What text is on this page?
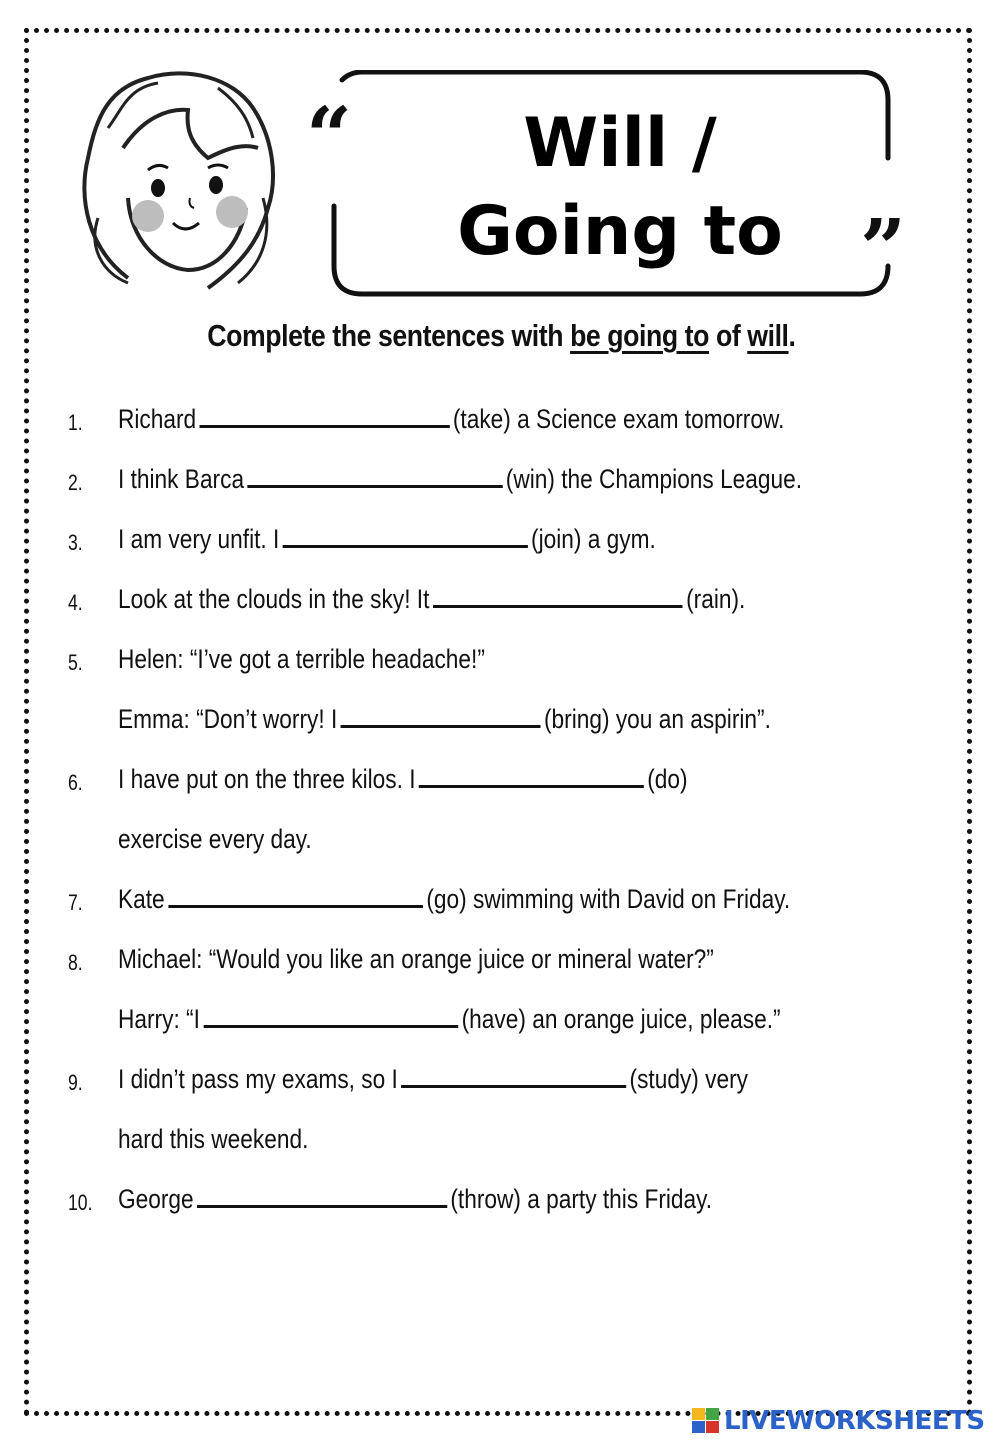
“
”
Will /
Going to
Complete the sentences with be going to of will.
1. Richard	(take) a Science exam tomorrow.
2. I think Barca	(win) the Champions League.
3. I am very unfit. I	(join) a gym.
4. Look at the clouds in the sky! It	(rain).
5. Helen: “I’ve got a terrible headache!”
Emma: “Don’t worry! I	(bring) you an aspirin”.
6. I have put on the three kilos. I	(do)
exercise every day.
7. Kate	(go) swimming with David on Friday.
8. Michael: “Would you like an orange juice or mineral water?”
Harry: “I	(have) an orange juice, please.”
9. I didn’t pass my exams, so I	(study) very
hard this weekend.
10. George	(throw) a party this Friday.
LIVEWORKSHEETS
